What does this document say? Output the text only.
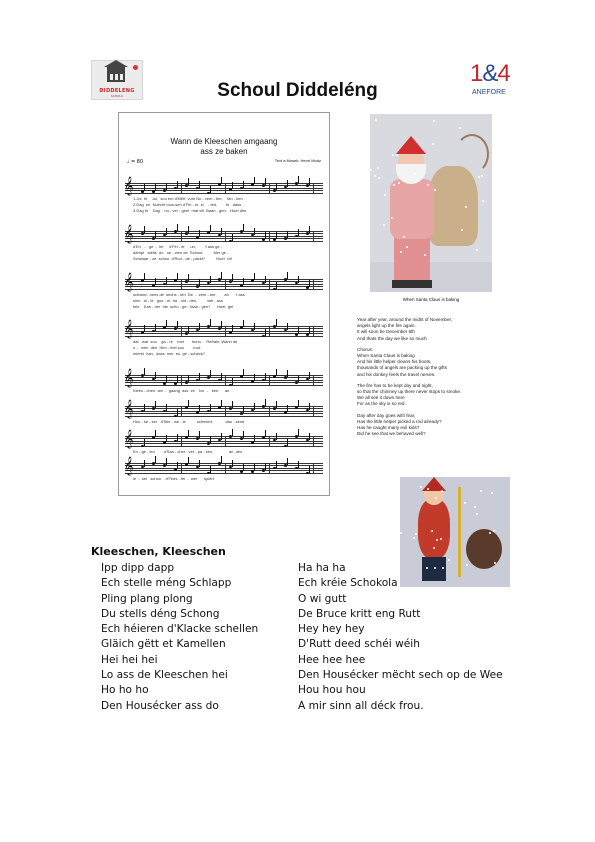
DIDDELENG
SCHOUL	Schoul Diddeléng
1&4
ANEFORE
Wann de Kleeschen amgaang
ass ze baken
Text a Musek: Henri Modz
♩ = 80
𝄞
1.Jor  fir    Joi,  sou ém d'Mëtt  vum No - vem - ber,    fän - ken
2.Dag  en  Nuecht mus-sen d'Fei - er  si    - ted,        fir   dass
3.Dag fir    Dag    nu - ver - geet  mat vill  Baan - gen:   Huet dee
𝄞
d'En   -   ge  -  ler     d'Fei - er     un,        't ass ge -
dämpt   stéits  do   ue - wen de  Schout.         Mer ge -
Schwaar - ze  schon  d'Rod - de - päckt?          Huet  vill
𝄞
schwinn  nees de  sechs - ten  De  -  zem - ber,       an      't ass
sinn   al - le   gue - et  ha - nid - den,         wéi   ass
tele    Kan - ner  hie  scho - ge - faan - gen?      Huet  gel
𝄞
dat   wat  sou    ga - re    mer       hunn.    Refrain: Wann de
o -   wen  den  Him - mel sou        rout.
mierkt  han,  dass  mer  es  ge - schéck?
𝄞
Klees - chen  am  -  gaang  ass  ze    ba   -   ken      an
𝄞
Hou - se - ker   d'Stie - we - le          schmiert,           dau - send
𝄞
En - ge - len        d'Saa - cher - ver - pa - ken,              an  den
𝄞
le  -  sel   schon    d'Fees - fei  -  wer      spiert.
When Santa Claus is baking

Year after year, around the midst of November,
angels light up the fire again.
It will soon be December 6th
And thats the day we like so much

Chorus:
When Santa Claus is baking
And his little helper cleans his boots,
thousands of angels are packing up the gifts
and his donkey feels the travel nerves.

The fire has to be kept day and night,
so that the chimney up there never stops to smoke.
We all see it down here
For as the sky is so red.

Day after day goes with fear.
Has the little helper picked a rod already?
Has he caught many evil kids?
Did he see that we behaved well?

Kleeschen, Kleeschen
Ipp dipp dapp
Ech stelle méng Schlapp
Pling plang plong
Du stells déng Schong
Ech héieren d'Klacke schellen
Gläich gëtt et Kamellen
Hei hei hei
Lo ass de Kleeschen hei
Ho ho ho
Den Housécker ass do
Ha ha ha
Ech kréie Schokola
O wi gutt
De Bruce kritt eng Rutt
Hey hey hey
D'Rutt deed schéi wéih
Hee hee hee
Den Housécker mëcht sech op de Wee
Hou hou hou
A mir sinn all déck frou.
